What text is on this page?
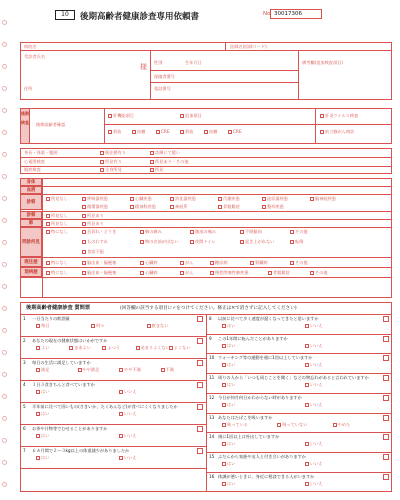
10	後期高齢者健康診査専用依頼書	No 30017306
病院名	医師名(医師コード)
受診者氏名
様
性別	生年月日	備考欄(追加検査項目)
保険者番号
電話番号
住所
後期検査 後期高齢者確認
肝機能項目	追加項目	肝炎ウイルス検査
貧血	血糖	CRE	貧血	血糖	CRE	前立腺がん検診
身長・体重・腹囲	既往歴有り	診療にて疑い
心電図検査	所見有り	所見あり・その他
眼底検査	全身所見	所見
身体
血液
診察
所見なし	呼吸器疾患	心臓疾患	消化器疾患	代謝疾患	泌尿器疾患	脳神経疾患
循環器疾患	精神科疾患	神経系	骨粗鬆症	整形疾患
診察	所見なし	所見あり
肺	所見なし	所見あり
問診所見
特になし	息切れ・どうき	胸の痛み	腹部の痛み	不眠傾向	その他
ものわすれ	物の名前が出ない	夜間トイレ	起き上がれない	転倒
食欲不振
既往歴	特になし	脳出血・脳梗塞	心臓病	がん	糖尿病	腎臓病	その他
現病歴	特になし	脳出血・脳梗塞	心臓病	がん	慢性閉塞性肺疾患	骨粗鬆症	その他
後期高齢者健康診査 質問票	(回答欄の該当する項目に✓をつけてください。修正は✕で消さずに記入してください)
1 一日当たりの飲酒量
毎日	時々	飲まない
2 あなたの現在の健康状態はいかがですか
よい	まあよい	ふつう	あまりよくない よくない
3 毎日の生活に満足していますか
満足	やや満足	やや不満	不満
4 １日３食きちんと食べていますか
はい	いいえ
5 半年前に比べて固いもの(さきいか、たくあんなど)が食べにくくなりましたか
はい	いいえ
6 お茶や汁物等でむせることがありますか
はい	いいえ
7 ６カ月間で２～３kg以上の体重減少がありましたか
はい	いいえ
8 以前に比べて歩く速度が遅くなってきたと思いますか
はい	いいえ
9 この1年間に転んだことがありますか
はい	いいえ
10 ウォーキング等の運動を週に1回以上していますか
はい	いいえ
11 周りの人から「いつも同じことを聞く」などの物忘れがあると言われていますか
はい	いいえ
12 今日が何月何日かわからない時がありますか
はい	いいえ
13 あなたはたばこを吸いますか
吸っている	吸っていない	やめた
14 週に1回以上は外出していますか
はい	いいえ
15 ふだんから家族や友人と付き合いがありますか
はい	いいえ
16 体調が悪いときに、身近に相談できる人がいますか
はい	いいえ
